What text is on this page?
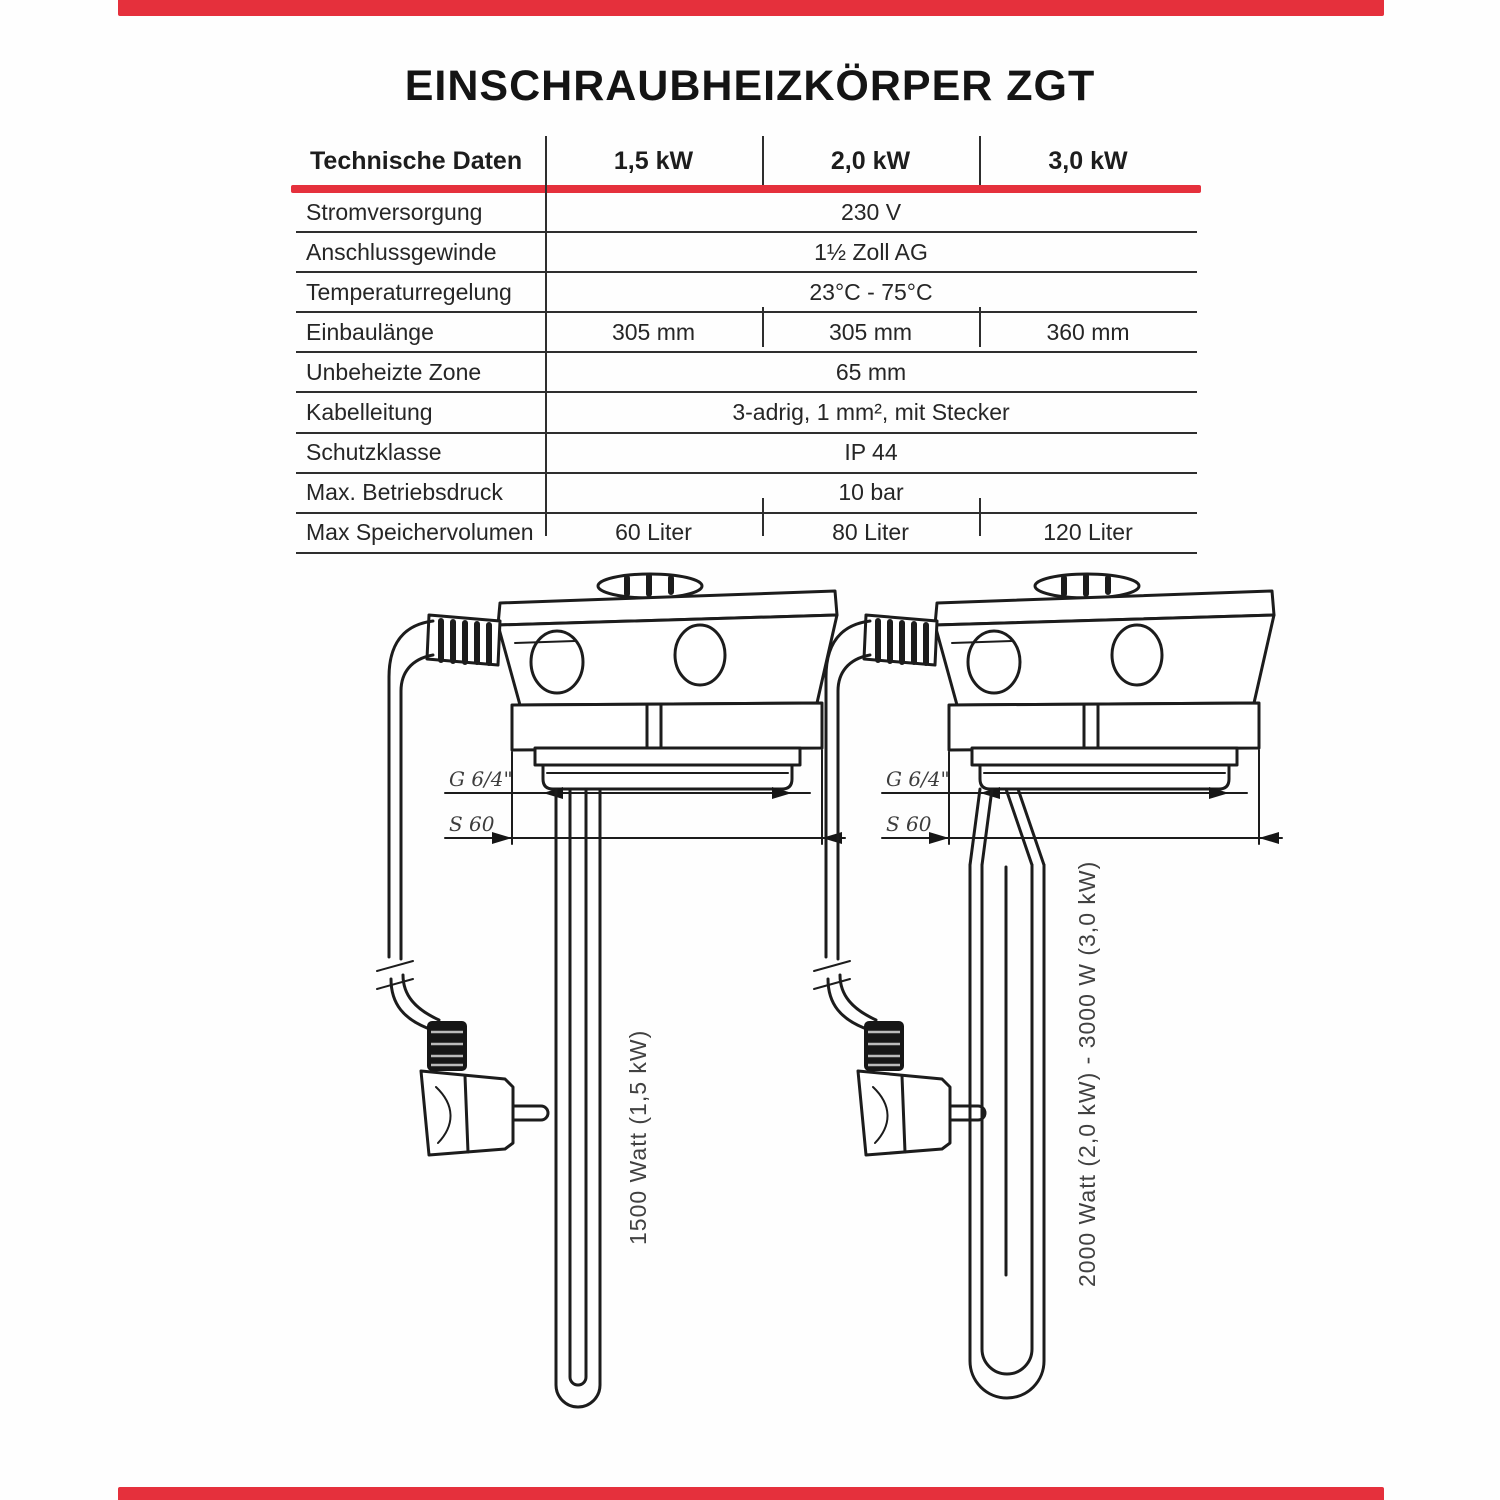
EINSCHRAUBHEIZKÖRPER ZGT
Technische Daten	1,5 kW	2,0 kW	3,0 kW
Stromversorgung	230 V
Anschlussgewinde	1½ Zoll AG
Temperaturregelung	23°C - 75°C
Einbaulänge	305 mm	305 mm	360 mm
Unbeheizte Zone	65 mm
Kabelleitung	3-adrig, 1 mm², mit Stecker
Schutzklasse	IP 44
Max. Betriebsdruck	10 bar
Max Speichervolumen	60 Liter	80 Liter	120 Liter
G 6/4"
S 60
G 6/4"
S 60
1500 Watt (1,5 kW)	2000 Watt (2,0 kW) - 3000 W (3,0 kW)
